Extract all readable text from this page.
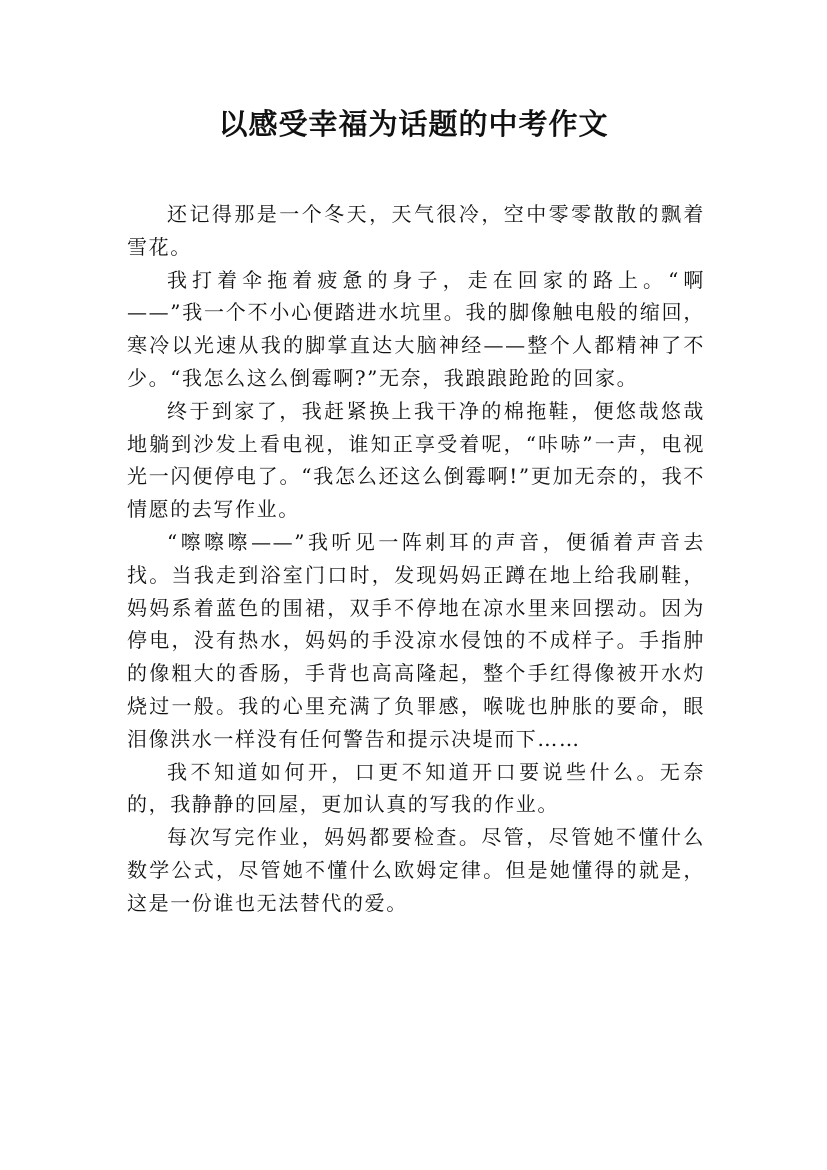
以感受幸福为话题的中考作文

还记得那是一个冬天，天气很冷，空中零零散散的飘着雪花。

我打着伞拖着疲惫的身子，走在回家的路上。“啊——”我一个不小心便踏进水坑里。我的脚像触电般的缩回，寒冷以光速从我的脚掌直达大脑神经——整个人都精神了不少。“我怎么这么倒霉啊?”无奈，我踉踉跄跄的回家。

终于到家了，我赶紧换上我干净的棉拖鞋，便悠哉悠哉地躺到沙发上看电视，谁知正享受着呢，“咔哧”一声，电视光一闪便停电了。“我怎么还这么倒霉啊!”更加无奈的，我不情愿的去写作业。

“嚓嚓嚓——”我听见一阵刺耳的声音，便循着声音去找。当我走到浴室门口时，发现妈妈正蹲在地上给我刷鞋，妈妈系着蓝色的围裙，双手不停地在凉水里来回摆动。因为停电，没有热水，妈妈的手没凉水侵蚀的不成样子。手指肿的像粗大的香肠，手背也高高隆起，整个手红得像被开水灼烧过一般。我的心里充满了负罪感，喉咙也肿胀的要命，眼泪像洪水一样没有任何警告和提示决堤而下……

我不知道如何开，口更不知道开口要说些什么。无奈的，我静静的回屋，更加认真的写我的作业。

每次写完作业，妈妈都要检查。尽管，尽管她不懂什么数学公式，尽管她不懂什么欧姆定律。但是她懂得的就是，这是一份谁也无法替代的爱。
